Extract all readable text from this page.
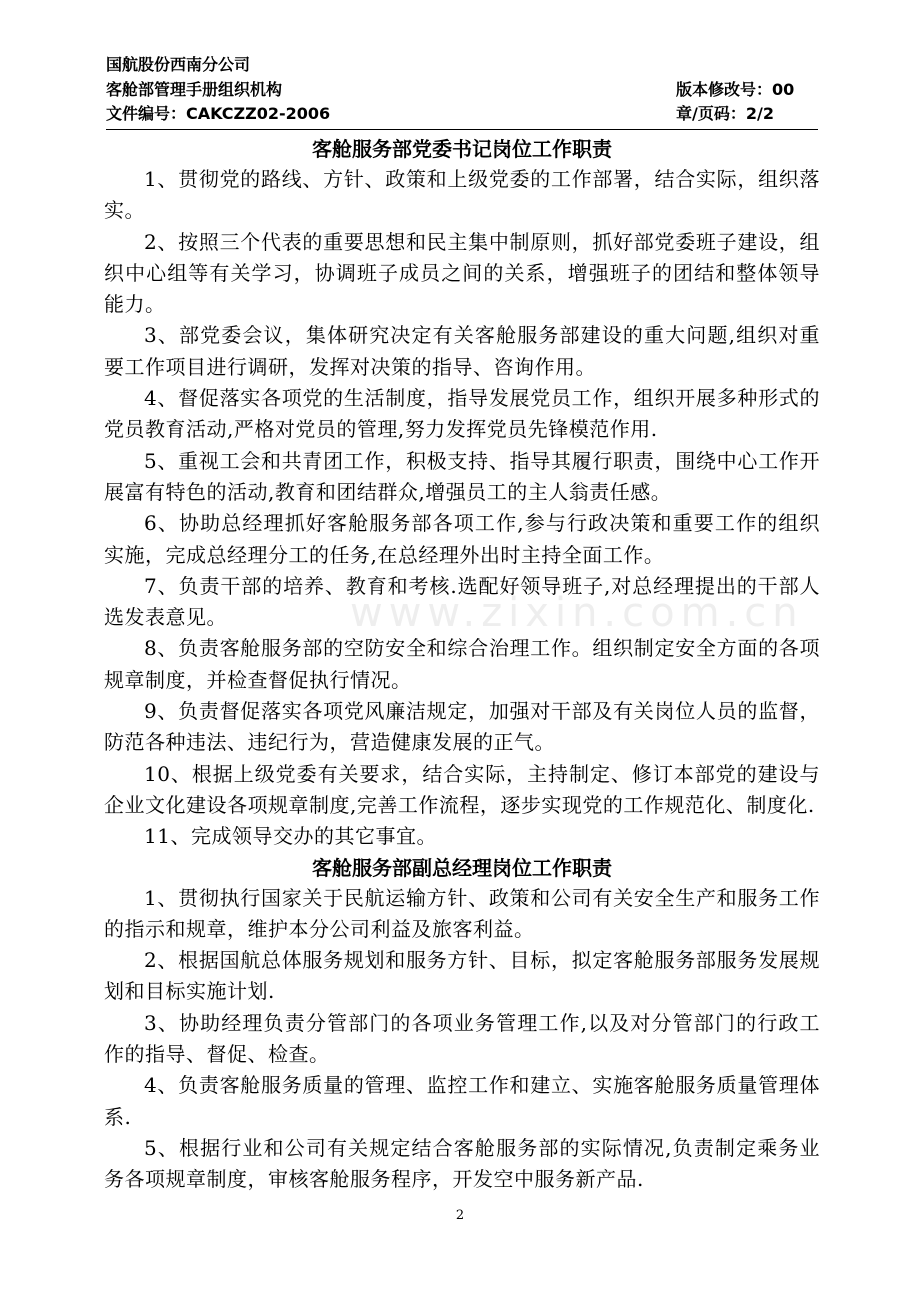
国航股份西南分公司
客舱部管理手册组织机构	版本修改号：00
文件编号：CAKCZZ02-2006	章/页码：2/2
www.zixin.com.cn
客舱服务部党委书记岗位工作职责

1、贯彻党的路线、方针、政策和上级党委的工作部署，结合实际，组织落实。

2、按照三个代表的重要思想和民主集中制原则，抓好部党委班子建设，组织中心组等有关学习，协调班子成员之间的关系，增强班子的团结和整体领导能力。

3、部党委会议，集体研究决定有关客舱服务部建设的重大问题,组织对重要工作项目进行调研，发挥对决策的指导、咨询作用。

4、督促落实各项党的生活制度，指导发展党员工作，组织开展多种形式的党员教育活动,严格对党员的管理,努力发挥党员先锋模范作用.

5、重视工会和共青团工作，积极支持、指导其履行职责，围绕中心工作开展富有特色的活动,教育和团结群众,增强员工的主人翁责任感。

6、协助总经理抓好客舱服务部各项工作,参与行政决策和重要工作的组织实施，完成总经理分工的任务,在总经理外出时主持全面工作。

7、负责干部的培养、教育和考核.选配好领导班子,对总经理提出的干部人选发表意见。

8、负责客舱服务部的空防安全和综合治理工作。组织制定安全方面的各项规章制度，并检查督促执行情况。

9、负责督促落实各项党风廉洁规定，加强对干部及有关岗位人员的监督，防范各种违法、违纪行为，营造健康发展的正气。

10、根据上级党委有关要求，结合实际，主持制定、修订本部党的建设与企业文化建设各项规章制度,完善工作流程，逐步实现党的工作规范化、制度化.

11、完成领导交办的其它事宜。

客舱服务部副总经理岗位工作职责

1、贯彻执行国家关于民航运输方针、政策和公司有关安全生产和服务工作的指示和规章，维护本分公司利益及旅客利益。

2、根据国航总体服务规划和服务方针、目标，拟定客舱服务部服务发展规划和目标实施计划.

3、协助经理负责分管部门的各项业务管理工作,以及对分管部门的行政工作的指导、督促、检查。

4、负责客舱服务质量的管理、监控工作和建立、实施客舱服务质量管理体系.

5、根据行业和公司有关规定结合客舱服务部的实际情况,负责制定乘务业务各项规章制度，审核客舱服务程序，开发空中服务新产品.

2
